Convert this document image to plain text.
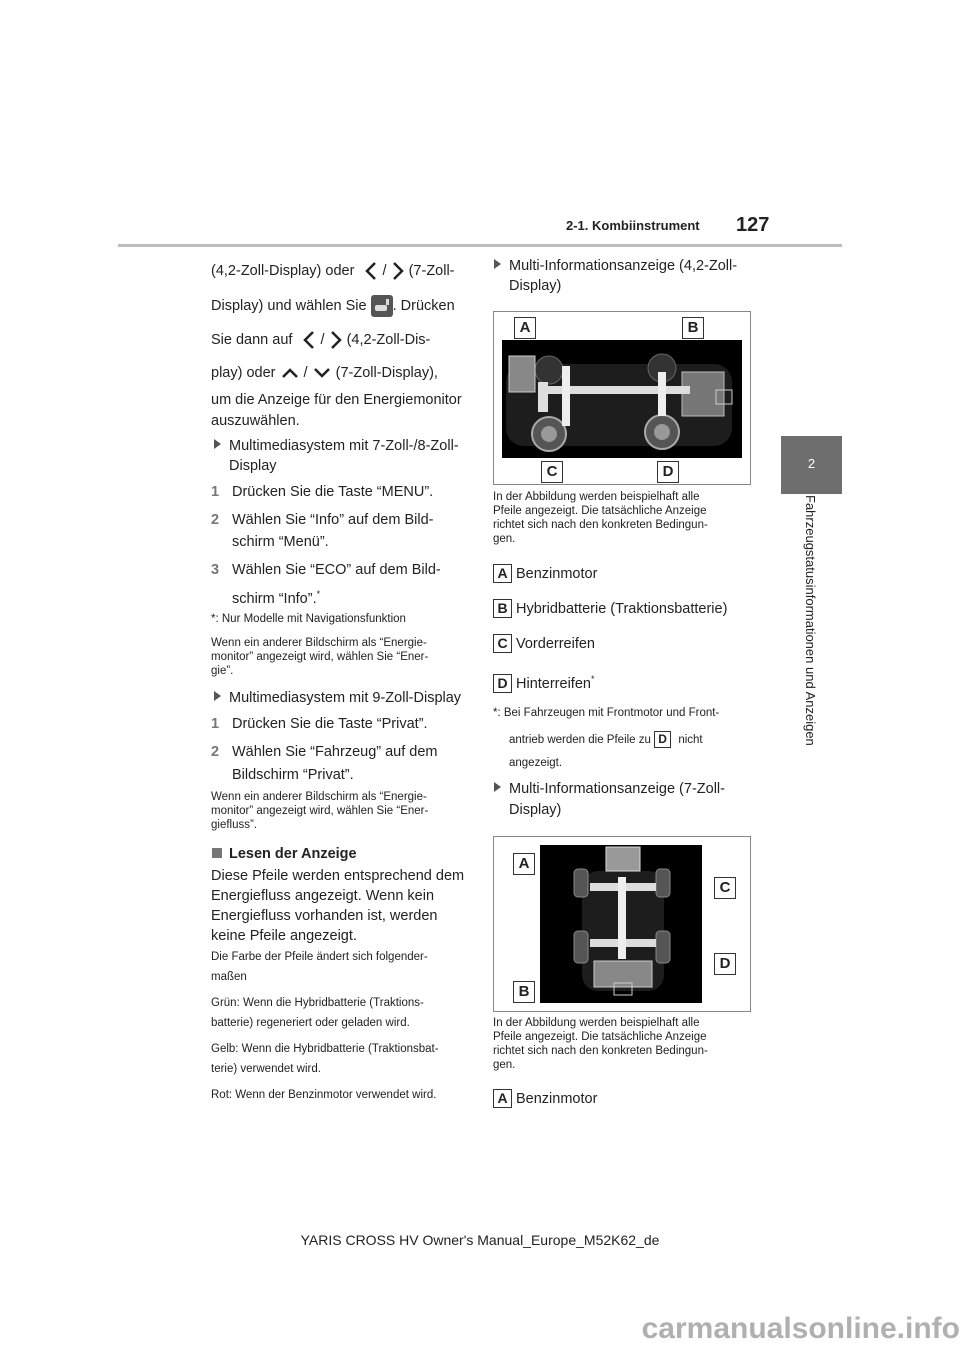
2-1. Kombiinstrument 127
2
Fahrzeugstatusinformationen und Anzeigen
(4,2-Zoll-Display) oder / (7-Zoll-
Display) und wählen Sie . Drücken
Sie dann auf / (4,2-Zoll-Dis-
play) oder / (7-Zoll-Display),
um die Anzeige für den Energiemonitor
auszuwählen.
Multimediasystem mit 7-Zoll-/8-Zoll-
Display
1 Drücken Sie die Taste “MENU”.
2 Wählen Sie “Info” auf dem Bild-
schirm “Menü”.
3 Wählen Sie “ECO” auf dem Bild-
schirm “Info”.*
*: Nur Modelle mit Navigationsfunktion
Wenn ein anderer Bildschirm als “Energie-
monitor” angezeigt wird, wählen Sie “Ener-
gie”.
Multimediasystem mit 9-Zoll-Display
1 Drücken Sie die Taste “Privat”.
2 Wählen Sie “Fahrzeug” auf dem
Bildschirm “Privat”.
Wenn ein anderer Bildschirm als “Energie-
monitor” angezeigt wird, wählen Sie “Ener-
giefluss”.
Lesen der Anzeige
Diese Pfeile werden entsprechend dem
Energiefluss angezeigt. Wenn kein
Energiefluss vorhanden ist, werden
keine Pfeile angezeigt.
Die Farbe der Pfeile ändert sich folgender-
maßen
Grün: Wenn die Hybridbatterie (Traktions-
batterie) regeneriert oder geladen wird.
Gelb: Wenn die Hybridbatterie (Traktionsbat-
terie) verwendet wird.
Rot: Wenn der Benzinmotor verwendet wird.
Multi-Informationsanzeige (4,2-Zoll-
Display)
A	B
C	D
In der Abbildung werden beispielhaft alle
Pfeile angezeigt. Die tatsächliche Anzeige
richtet sich nach den konkreten Bedingun-
gen.
A Benzinmotor
B Hybridbatterie (Traktionsbatterie)
C Vorderreifen
D Hinterreifen*
*: Bei Fahrzeugen mit Frontmotor und Front-
antrieb werden die Pfeile zu D nicht
angezeigt.
Multi-Informationsanzeige (7-Zoll-
Display)
A
C
D
B
In der Abbildung werden beispielhaft alle
Pfeile angezeigt. Die tatsächliche Anzeige
richtet sich nach den konkreten Bedingun-
gen.
A Benzinmotor
YARIS CROSS HV Owner's Manual_Europe_M52K62_de
carmanualsonline.info
